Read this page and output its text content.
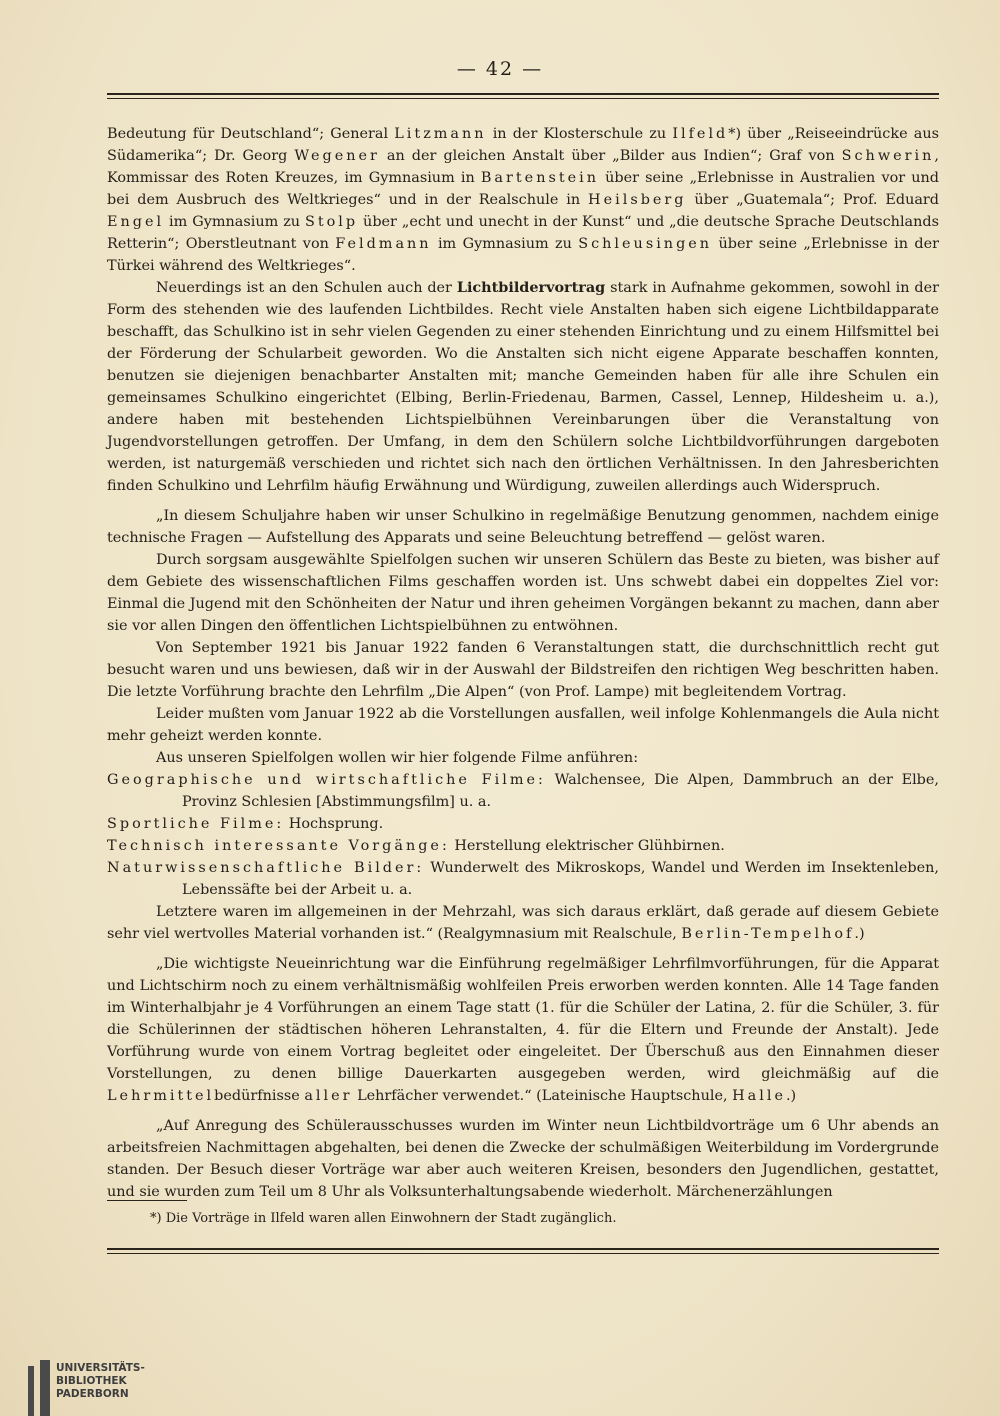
— 42 —

Bedeutung für Deutschland“; General Litzmann in der Klosterschule zu Ilfeld*) über „Reiseeindrücke aus Südamerika“; Dr. Georg Wegener an der gleichen Anstalt über „Bilder aus Indien“; Graf von Schwerin, Kommissar des Roten Kreuzes, im Gymnasium in Bartenstein über seine „Erlebnisse in Australien vor und bei dem Ausbruch des Weltkrieges“ und in der Realschule in Heilsberg über „Guatemala“; Prof. Eduard Engel im Gymnasium zu Stolp über „echt und unecht in der Kunst“ und „die deutsche Sprache Deutschlands Retterin“; Oberstleutnant von Feldmann im Gymnasium zu Schleusingen über seine „Erlebnisse in der Türkei während des Weltkrieges“.

Neuerdings ist an den Schulen auch der Lichtbildervortrag stark in Aufnahme gekommen, sowohl in der Form des stehenden wie des laufenden Lichtbildes. Recht viele Anstalten haben sich eigene Lichtbildapparate beschafft, das Schulkino ist in sehr vielen Gegenden zu einer stehenden Einrichtung und zu einem Hilfsmittel bei der Förderung der Schularbeit geworden. Wo die Anstalten sich nicht eigene Apparate beschaffen konnten, benutzen sie diejenigen benachbarter Anstalten mit; manche Gemeinden haben für alle ihre Schulen ein gemeinsames Schulkino eingerichtet (Elbing, Berlin-Friedenau, Barmen, Cassel, Lennep, Hildesheim u. a.), andere haben mit bestehenden Lichtspielbühnen Vereinbarungen über die Veranstaltung von Jugendvorstellungen getroffen. Der Umfang, in dem den Schülern solche Lichtbildvorführungen dargeboten werden, ist naturgemäß verschieden und richtet sich nach den örtlichen Verhältnissen. In den Jahresberichten finden Schulkino und Lehrfilm häufig Erwähnung und Würdigung, zuweilen allerdings auch Widerspruch.

„In diesem Schuljahre haben wir unser Schulkino in regelmäßige Benutzung genommen, nachdem einige technische Fragen — Aufstellung des Apparats und seine Beleuchtung betreffend — gelöst waren.

Durch sorgsam ausgewählte Spielfolgen suchen wir unseren Schülern das Beste zu bieten, was bisher auf dem Gebiete des wissenschaftlichen Films geschaffen worden ist. Uns schwebt dabei ein doppeltes Ziel vor: Einmal die Jugend mit den Schönheiten der Natur und ihren geheimen Vorgängen bekannt zu machen, dann aber sie vor allen Dingen den öffentlichen Lichtspielbühnen zu entwöhnen.

Von September 1921 bis Januar 1922 fanden 6 Veranstaltungen statt, die durchschnittlich recht gut besucht waren und uns bewiesen, daß wir in der Auswahl der Bildstreifen den richtigen Weg beschritten haben. Die letzte Vorführung brachte den Lehrfilm „Die Alpen“ (von Prof. Lampe) mit begleitendem Vortrag.

Leider mußten vom Januar 1922 ab die Vorstellungen ausfallen, weil infolge Kohlenmangels die Aula nicht mehr geheizt werden konnte.

Aus unseren Spielfolgen wollen wir hier folgende Filme anführen:

Geographische und wirtschaftliche Filme: Walchensee, Die Alpen, Dammbruch an der Elbe, Provinz Schlesien [Abstimmungsfilm] u. a.

Sportliche Filme: Hochsprung.

Technisch interessante Vorgänge: Herstellung elektrischer Glühbirnen.

Naturwissenschaftliche Bilder: Wunderwelt des Mikroskops, Wandel und Werden im Insektenleben, Lebenssäfte bei der Arbeit u. a.

Letztere waren im allgemeinen in der Mehrzahl, was sich daraus erklärt, daß gerade auf diesem Gebiete sehr viel wertvolles Material vorhanden ist.“ (Realgymnasium mit Realschule, Berlin-Tempelhof.)

„Die wichtigste Neueinrichtung war die Einführung regelmäßiger Lehrfilmvorführungen, für die Apparat und Lichtschirm noch zu einem verhältnismäßig wohlfeilen Preis erworben werden konnten. Alle 14 Tage fanden im Winterhalbjahr je 4 Vorführungen an einem Tage statt (1. für die Schüler der Latina, 2. für die Schüler, 3. für die Schülerinnen der städtischen höheren Lehranstalten, 4. für die Eltern und Freunde der Anstalt). Jede Vorführung wurde von einem Vortrag begleitet oder eingeleitet. Der Überschuß aus den Einnahmen dieser Vorstellungen, zu denen billige Dauerkarten ausgegeben werden, wird gleichmäßig auf die Lehrmittelbedürfnisse aller Lehrfächer verwendet.“ (Lateinische Hauptschule, Halle.)

„Auf Anregung des Schülerausschusses wurden im Winter neun Lichtbildvorträge um 6 Uhr abends an arbeitsfreien Nachmittagen abgehalten, bei denen die Zwecke der schulmäßigen Weiterbildung im Vordergrunde standen. Der Besuch dieser Vorträge war aber auch weiteren Kreisen, besonders den Jugendlichen, gestattet, und sie wurden zum Teil um 8 Uhr als Volksunterhaltungsabende wiederholt. Märchenerzählungen

*) Die Vorträge in Ilfeld waren allen Einwohnern der Stadt zugänglich.
UNIVERSITÄTS-
BIBLIOTHEK
PADERBORN
